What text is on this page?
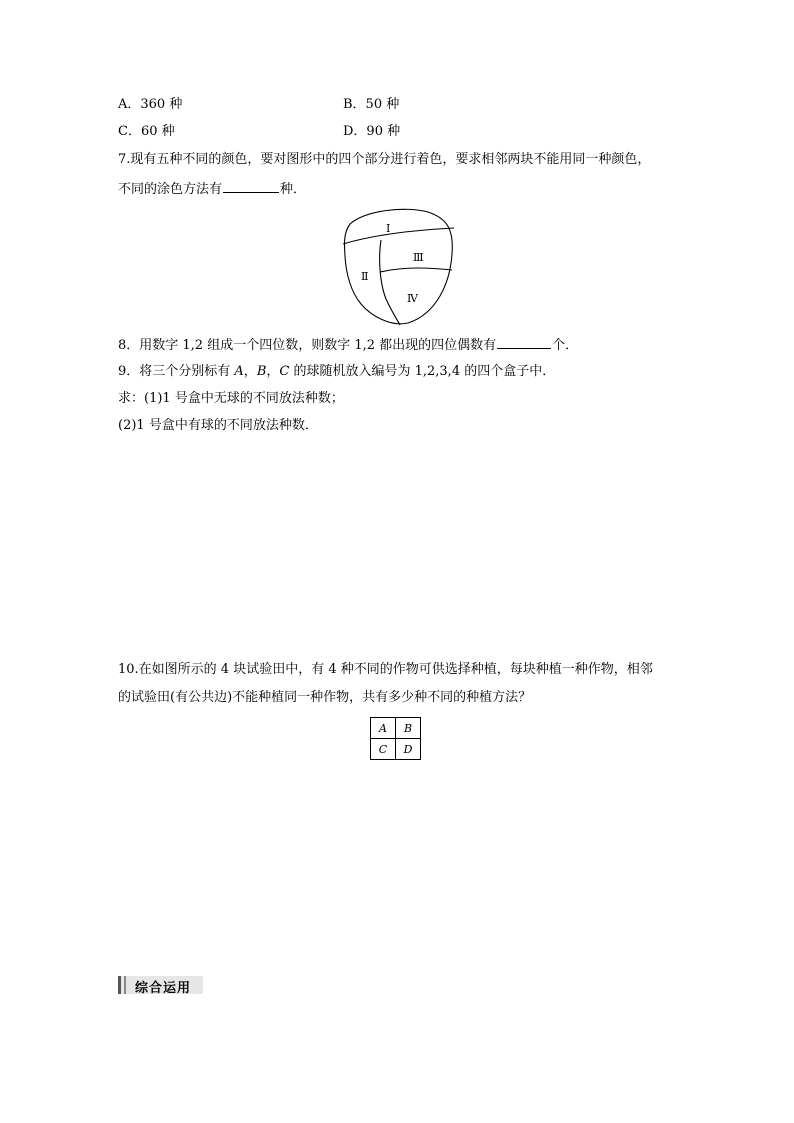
A．360 种	B．50 种
C．60 种	D．90 种
7.现有五种不同的颜色，要对图形中的四个部分进行着色，要求相邻两块不能用同一种颜色，
不同的涂色方法有	种．
Ⅰ
Ⅱ
Ⅲ
Ⅳ
8．用数字 1,2 组成一个四位数，则数字 1,2 都出现的四位偶数有	个．
9．将三个分别标有 A，B，C 的球随机放入编号为 1,2,3,4 的四个盒子中．
求：(1)1 号盒中无球的不同放法种数；
(2)1 号盒中有球的不同放法种数．
10.在如图所示的 4 块试验田中，有 4 种不同的作物可供选择种植，每块种植一种作物，相邻
的试验田(有公共边)不能种植同一种作物，共有多少种不同的种植方法？
A	B
C	D
综合运用
